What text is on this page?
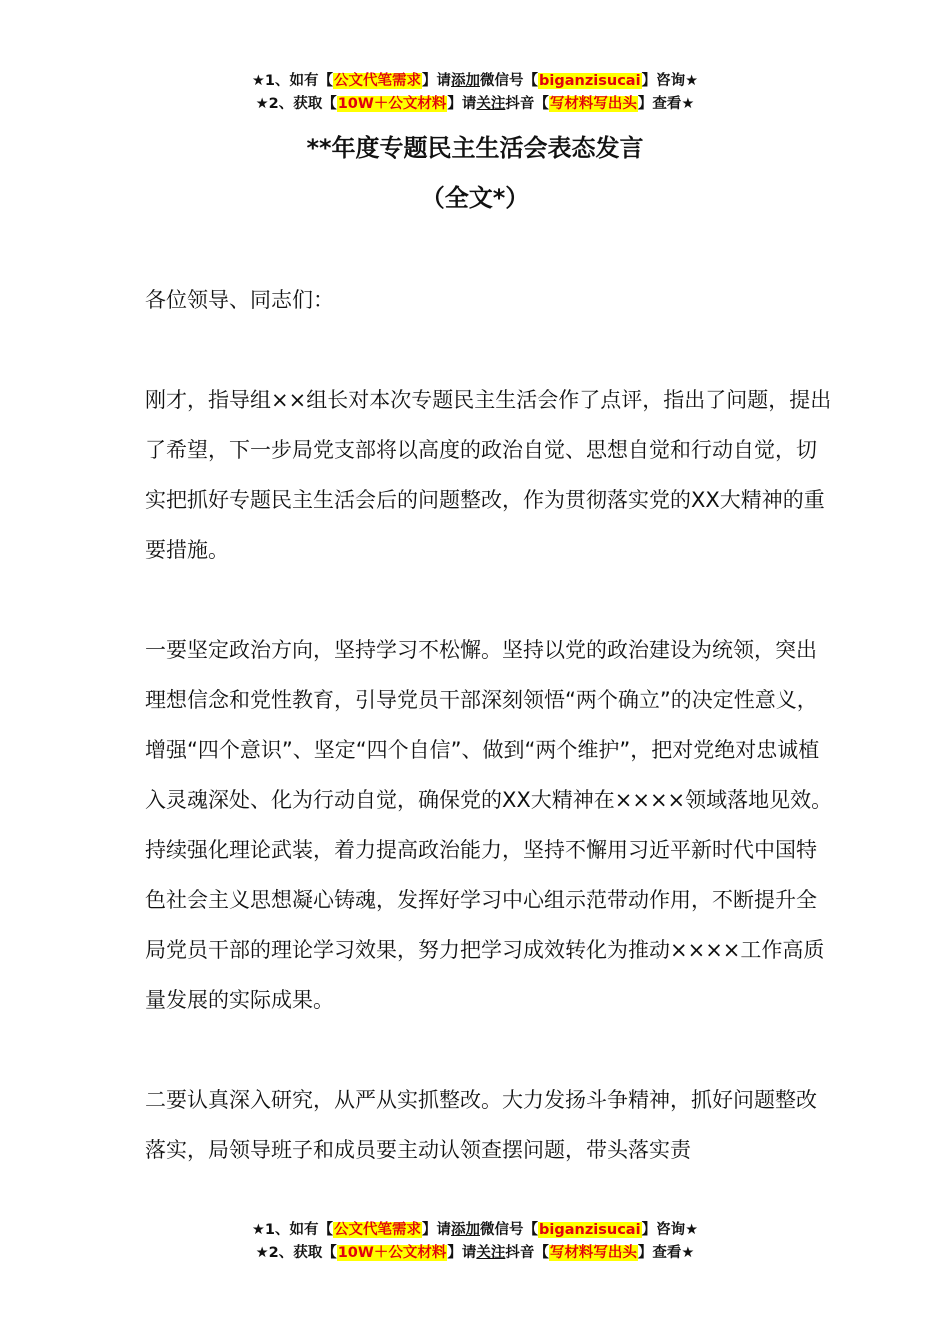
★1、如有【公文代笔需求】请添加微信号【biganzisucai】咨询★
★2、获取【10W＋公文材料】请关注抖音【写材料写出头】查看★
**年度专题民主生活会表态发言
（全文*）

各位领导、同志们：

刚才，指导组××组长对本次专题民主生活会作了点评，指出了问题，提出了希望，下一步局党支部将以高度的政治自觉、思想自觉和行动自觉，切实把抓好专题民主生活会后的问题整改，作为贯彻落实党的XX大精神的重要措施。

一要坚定政治方向，坚持学习不松懈。坚持以党的政治建设为统领，突出理想信念和党性教育，引导党员干部深刻领悟“两个确立”的决定性意义，增强“四个意识”、坚定“四个自信”、做到“两个维护”，把对党绝对忠诚植入灵魂深处、化为行动自觉，确保党的XX大精神在××××领域落地见效。持续强化理论武装，着力提高政治能力，坚持不懈用习近平新时代中国特色社会主义思想凝心铸魂，发挥好学习中心组示范带动作用，不断提升全局党员干部的理论学习效果，努力把学习成效转化为推动××××工作高质量发展的实际成果。

二要认真深入研究，从严从实抓整改。大力发扬斗争精神，抓好问题整改落实，局领导班子和成员要主动认领查摆问题，带头落实责

★1、如有【公文代笔需求】请添加微信号【biganzisucai】咨询★
★2、获取【10W＋公文材料】请关注抖音【写材料写出头】查看★
